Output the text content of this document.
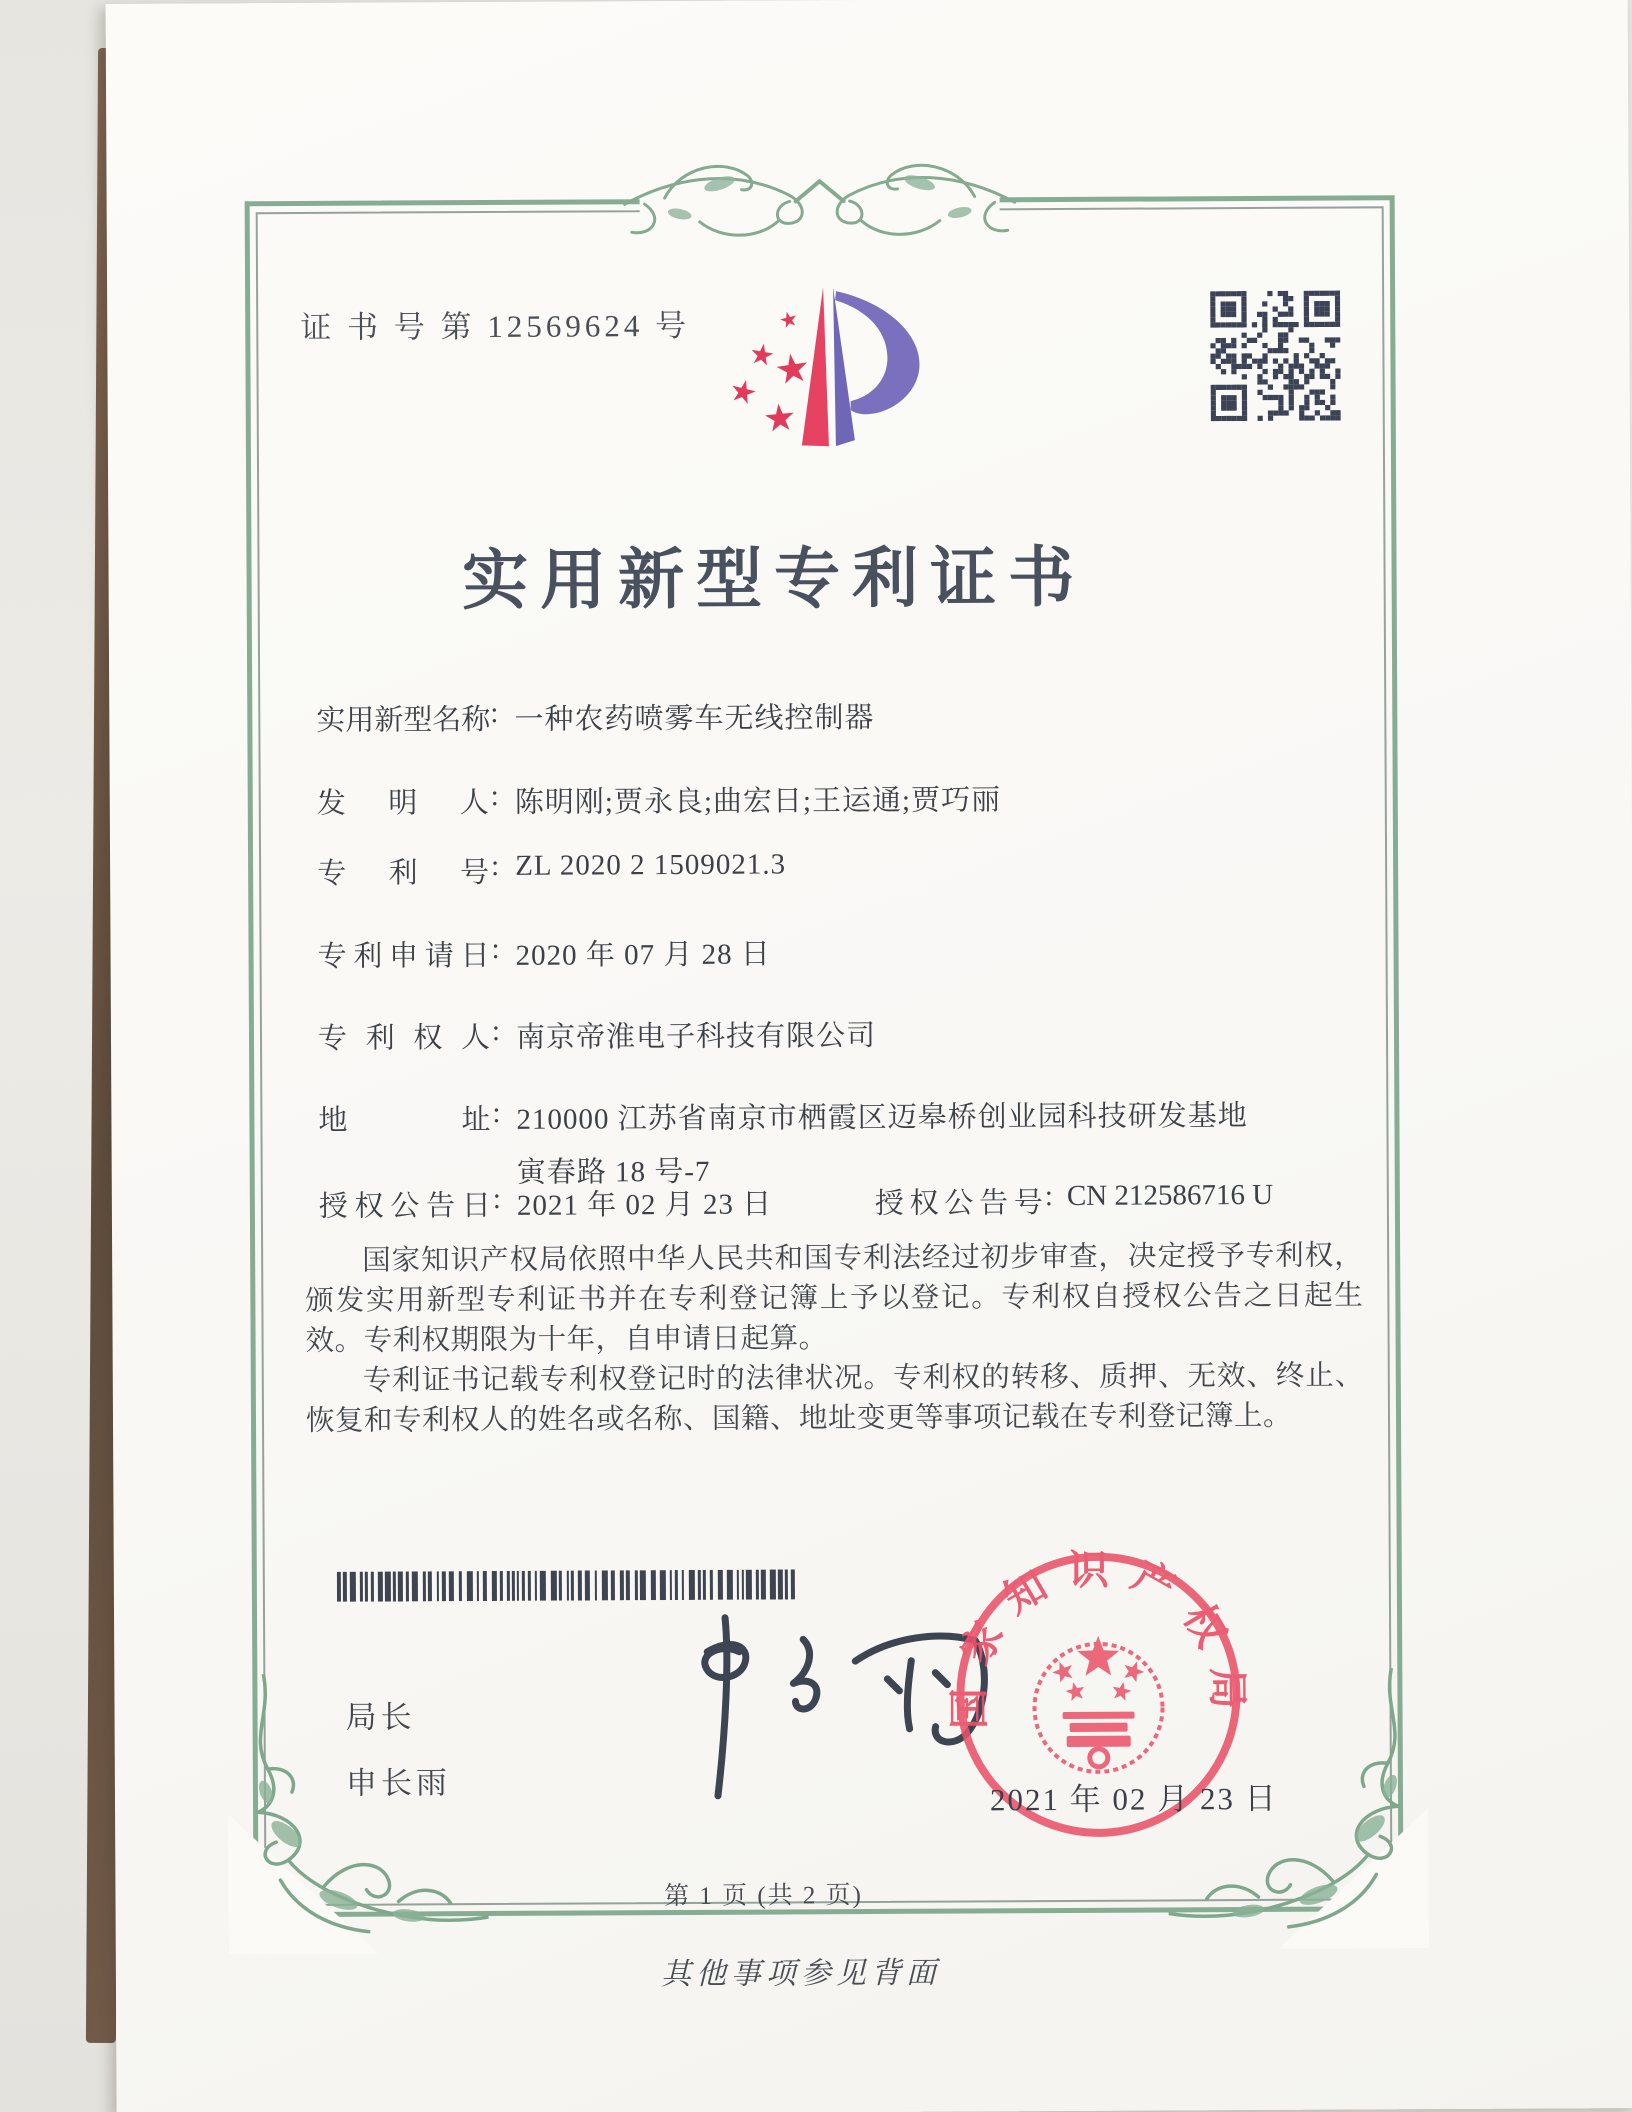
证 书 号 第 12569624 号
实用新型专利证书
实用新型名称 : 一种农药喷雾车无线控制器
发明人 : 陈明刚;贾永良;曲宏日;王运通;贾巧丽
专利号 : ZL 2020 2 1509021.3
专利申请日 : 2020 年 07 月 28 日
专利权人 : 南京帝淮电子科技有限公司
地址 : 210000 江苏省南京市栖霞区迈皋桥创业园科技研发基地
寅春路 18 号-7
授权公告日 : 2021 年 02 月 23 日	授权公告号 : CN 212586716 U

国家知识产权局依照中华人民共和国专利法经过初步审查，决定授予专利权，颁发实用新型专利证书并在专利登记簿上予以登记。专利权自授权公告之日起生效。专利权期限为十年，自申请日起算。

专利证书记载专利权登记时的法律状况。专利权的转移、质押、无效、终止、恢复和专利权人的姓名或名称、国籍、地址变更等事项记载在专利登记簿上。

局长
申长雨
国家知识产权局
2021 年 02 月 23 日
第 1 页 (共 2 页)
其他事项参见背面
